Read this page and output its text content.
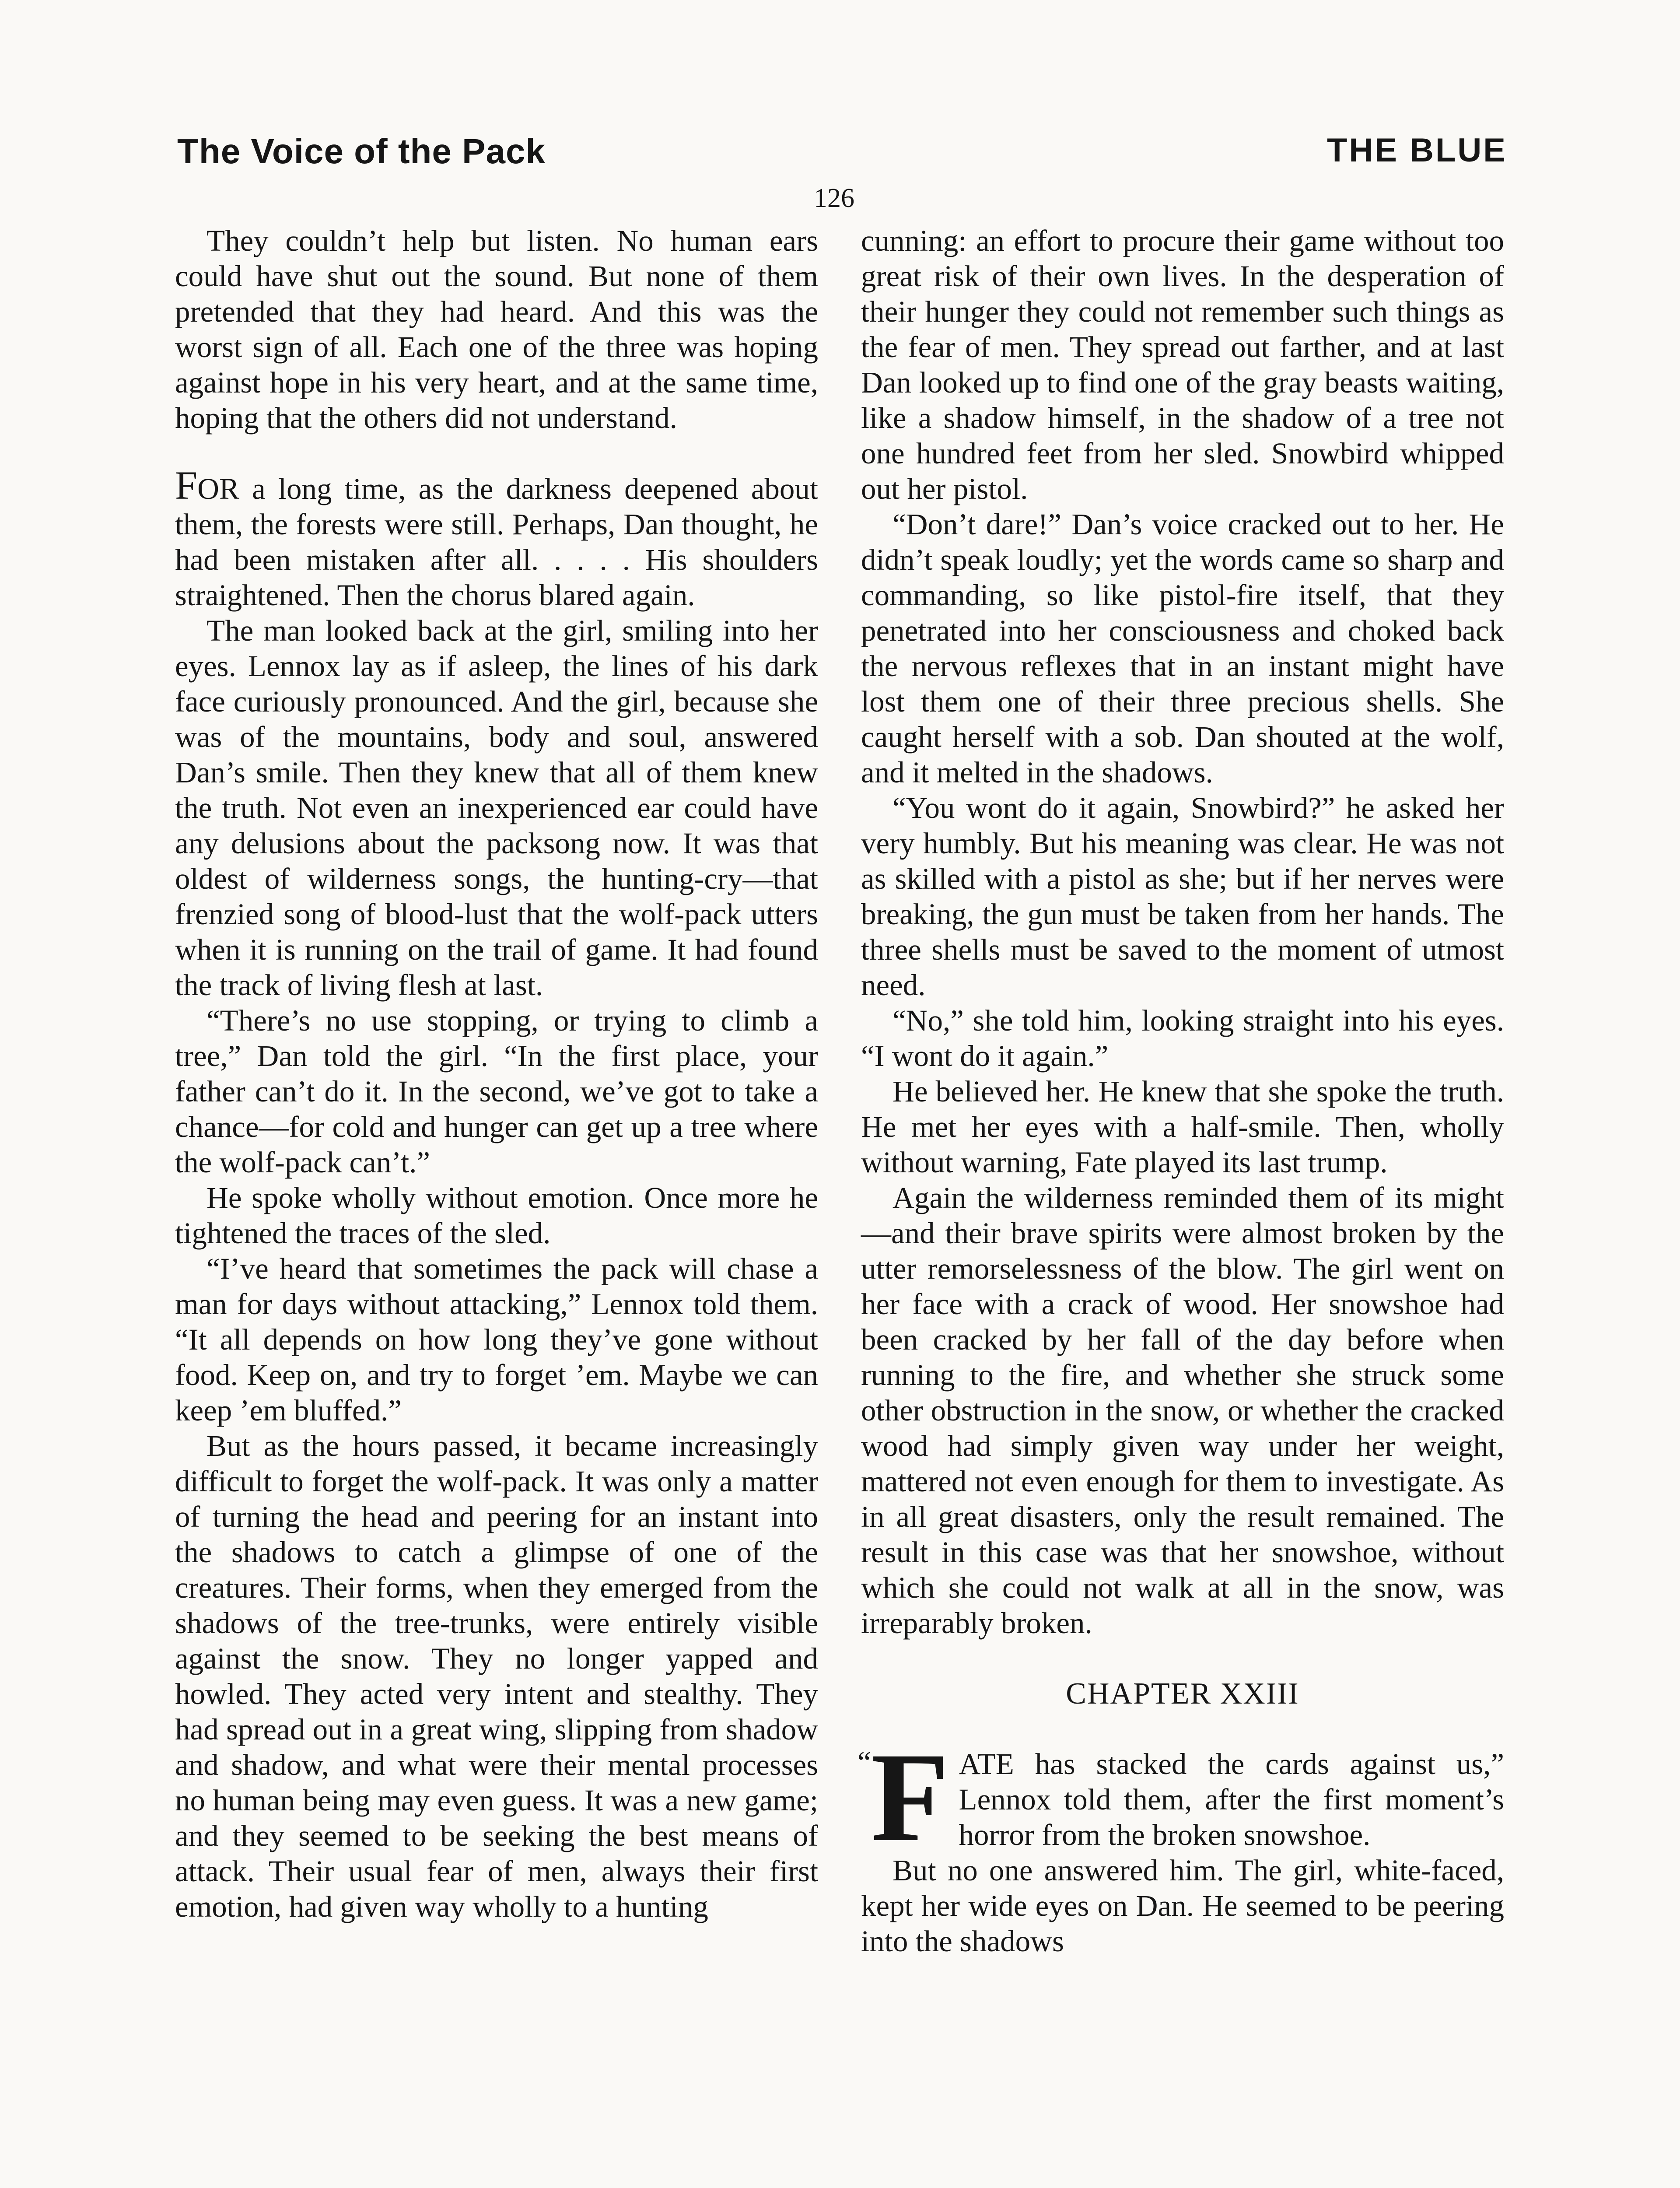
The Voice of the Pack	THE BLUE
126

They couldn’t help but listen. No human ears could have shut out the sound. But none of them pretended that they had heard. And this was the worst sign of all. Each one of the three was hoping against hope in his very heart, and at the same time, hoping that the others did not understand.

FOR a long time, as the darkness deepened about them, the forests were still. Perhaps, Dan thought, he had been mistaken after all. . . . . His shoulders straightened. Then the chorus blared again.

The man looked back at the girl, smiling into her eyes. Lennox lay as if asleep, the lines of his dark face curiously pronounced. And the girl, because she was of the mountains, body and soul, answered Dan’s smile. Then they knew that all of them knew the truth. Not even an inexperienced ear could have any delusions about the packsong now. It was that oldest of wilderness songs, the hunting-cry—that frenzied song of blood-lust that the wolf-pack utters when it is running on the trail of game. It had found the track of living flesh at last.

“There’s no use stopping, or trying to climb a tree,” Dan told the girl. “In the first place, your father can’t do it. In the second, we’ve got to take a chance—for cold and hunger can get up a tree where the wolf-pack can’t.”

He spoke wholly without emotion. Once more he tightened the traces of the sled.

“I’ve heard that sometimes the pack will chase a man for days without attacking,” Lennox told them. “It all depends on how long they’ve gone without food. Keep on, and try to forget ’em. Maybe we can keep ’em bluffed.”

But as the hours passed, it became increasingly difficult to forget the wolf-pack. It was only a matter of turning the head and peering for an instant into the shadows to catch a glimpse of one of the creatures. Their forms, when they emerged from the shadows of the tree-trunks, were entirely visible against the snow. They no longer yapped and howled. They acted very intent and stealthy. They had spread out in a great wing, slipping from shadow and shadow, and what were their mental processes no human being may even guess. It was a new game; and they seemed to be seeking the best means of attack. Their usual fear of men, always their first emotion, had given way wholly to a hunting

cunning: an effort to procure their game without too great risk of their own lives. In the desperation of their hunger they could not remember such things as the fear of men. They spread out farther, and at last Dan looked up to find one of the gray beasts waiting, like a shadow himself, in the shadow of a tree not one hundred feet from her sled. Snowbird whipped out her pistol.

“Don’t dare!” Dan’s voice cracked out to her. He didn’t speak loudly; yet the words came so sharp and commanding, so like pistol-fire itself, that they penetrated into her consciousness and choked back the nervous reflexes that in an instant might have lost them one of their three precious shells. She caught herself with a sob. Dan shouted at the wolf, and it melted in the shadows.

“You wont do it again, Snowbird?” he asked her very humbly. But his meaning was clear. He was not as skilled with a pistol as she; but if her nerves were breaking, the gun must be taken from her hands. The three shells must be saved to the moment of utmost need.

“No,” she told him, looking straight into his eyes. “I wont do it again.”

He believed her. He knew that she spoke the truth. He met her eyes with a half-smile. Then, wholly without warning, Fate played its last trump.

Again the wilderness reminded them of its might—and their brave spirits were almost broken by the utter remorselessness of the blow. The girl went on her face with a crack of wood. Her snowshoe had been cracked by her fall of the day before when running to the fire, and whether she struck some other obstruction in the snow, or whether the cracked wood had simply given way under her weight, mattered not even enough for them to investigate. As in all great disasters, only the result remained. The result in this case was that her snowshoe, without which she could not walk at all in the snow, was irreparably broken.

CHAPTER XXIII

“ F ATE has stacked the cards against us,” Lennox told them, after the first moment’s horror from the broken snowshoe.

But no one answered him. The girl, white-faced, kept her wide eyes on Dan. He seemed to be peering into the shadows
